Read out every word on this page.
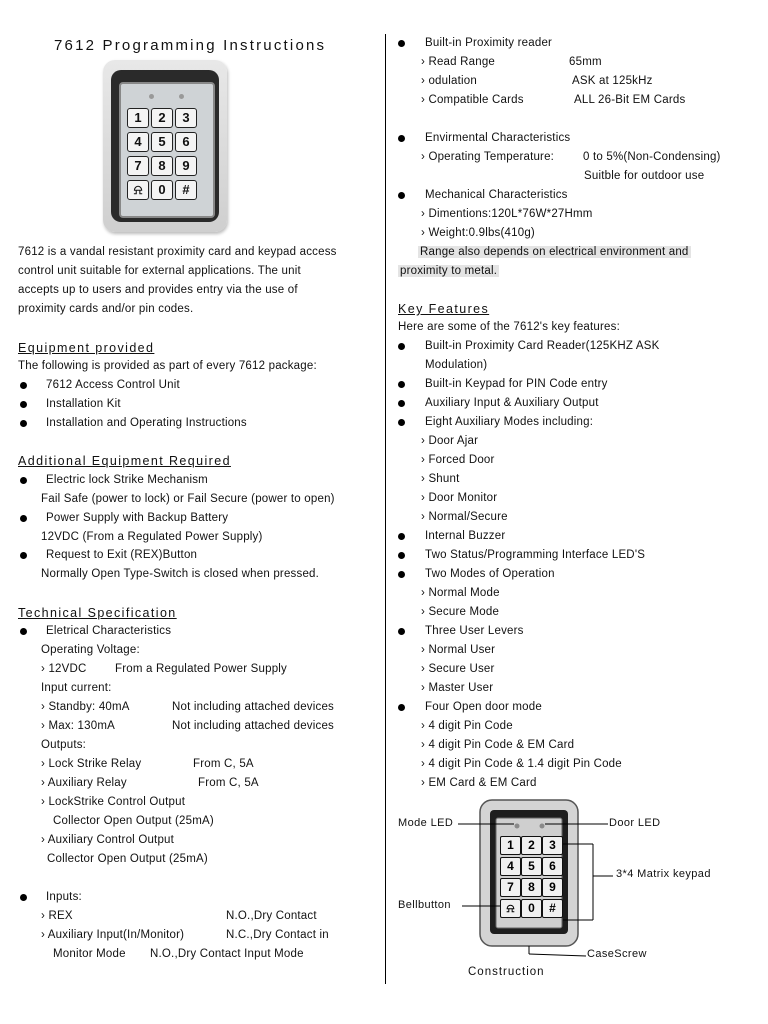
7612 Programming Instructions
1	2	3
4	5	6
7	8	9
⍾	0	#
7612 is a vandal resistant proximity card and keypad access
control unit suitable for external applications. The unit
accepts up to users and provides entry via the use of
proximity cards and/or pin codes.
Equipment provided
The following is provided as part of every 7612 package:
7612 Access Control Unit
Installation Kit
Installation and Operating Instructions
Additional Equipment Required
Electric lock Strike Mechanism
Fail Safe (power to lock) or Fail Secure (power to open)
Power Supply with Backup Battery
12VDC (From a Regulated Power Supply)
Request to Exit (REX)Button
Normally Open Type-Switch is closed when pressed.
Technical Specification
Eletrical Characteristics
Operating Voltage:
› 12VDC From a Regulated Power Supply
Input current:
› Standby: 40mA	Not including attached devices
› Max: 130mA	Not including attached devices
Outputs:
› Lock Strike Relay	From C, 5A
› Auxiliary Relay	From C, 5A
› LockStrike Control Output
Collector Open Output (25mA)
› Auxiliary Control Output
Collector Open Output (25mA)
Inputs:
› REX	N.O.,Dry Contact
› Auxiliary Input(In/Monitor)	N.C.,Dry Contact in
Monitor Mode N.O.,Dry Contact Input Mode
Built-in Proximity reader
› Read Range	65mm
› odulation	ASK at 125kHz
› Compatible Cards	ALL 26-Bit EM Cards
Envirmental Characteristics
› Operating Temperature:	0 to 5%(Non-Condensing)
Suitble for outdoor use
Mechanical Characteristics
› Dimentions:120L*76W*27Hmm
› Weight:0.9lbs(410g)
Range also depends on electrical environment and
proximity to metal.
Key Features
Here are some of the 7612's key features:
Built-in Proximity Card Reader(125KHZ ASK
Modulation)
Built-in Keypad for PIN Code entry
Auxiliary Input & Auxiliary Output
Eight Auxiliary Modes including:
› Door Ajar
› Forced Door
› Shunt
› Door Monitor
› Normal/Secure
Internal Buzzer
Two Status/Programming Interface LED'S
Two Modes of Operation
› Normal Mode
› Secure Mode
Three User Levers
› Normal User
› Secure User
› Master User
Four Open door mode
› 4 digit Pin Code
› 4 digit Pin Code & EM Card
› 4 digit Pin Code & 1.4 digit Pin Code
› EM Card & EM Card
1	2	3
4	5	6
7	8	9
⍾	0	#
Mode LED	Door LED
3*4 Matrix keypad
Bellbutton
CaseScrew
Construction
